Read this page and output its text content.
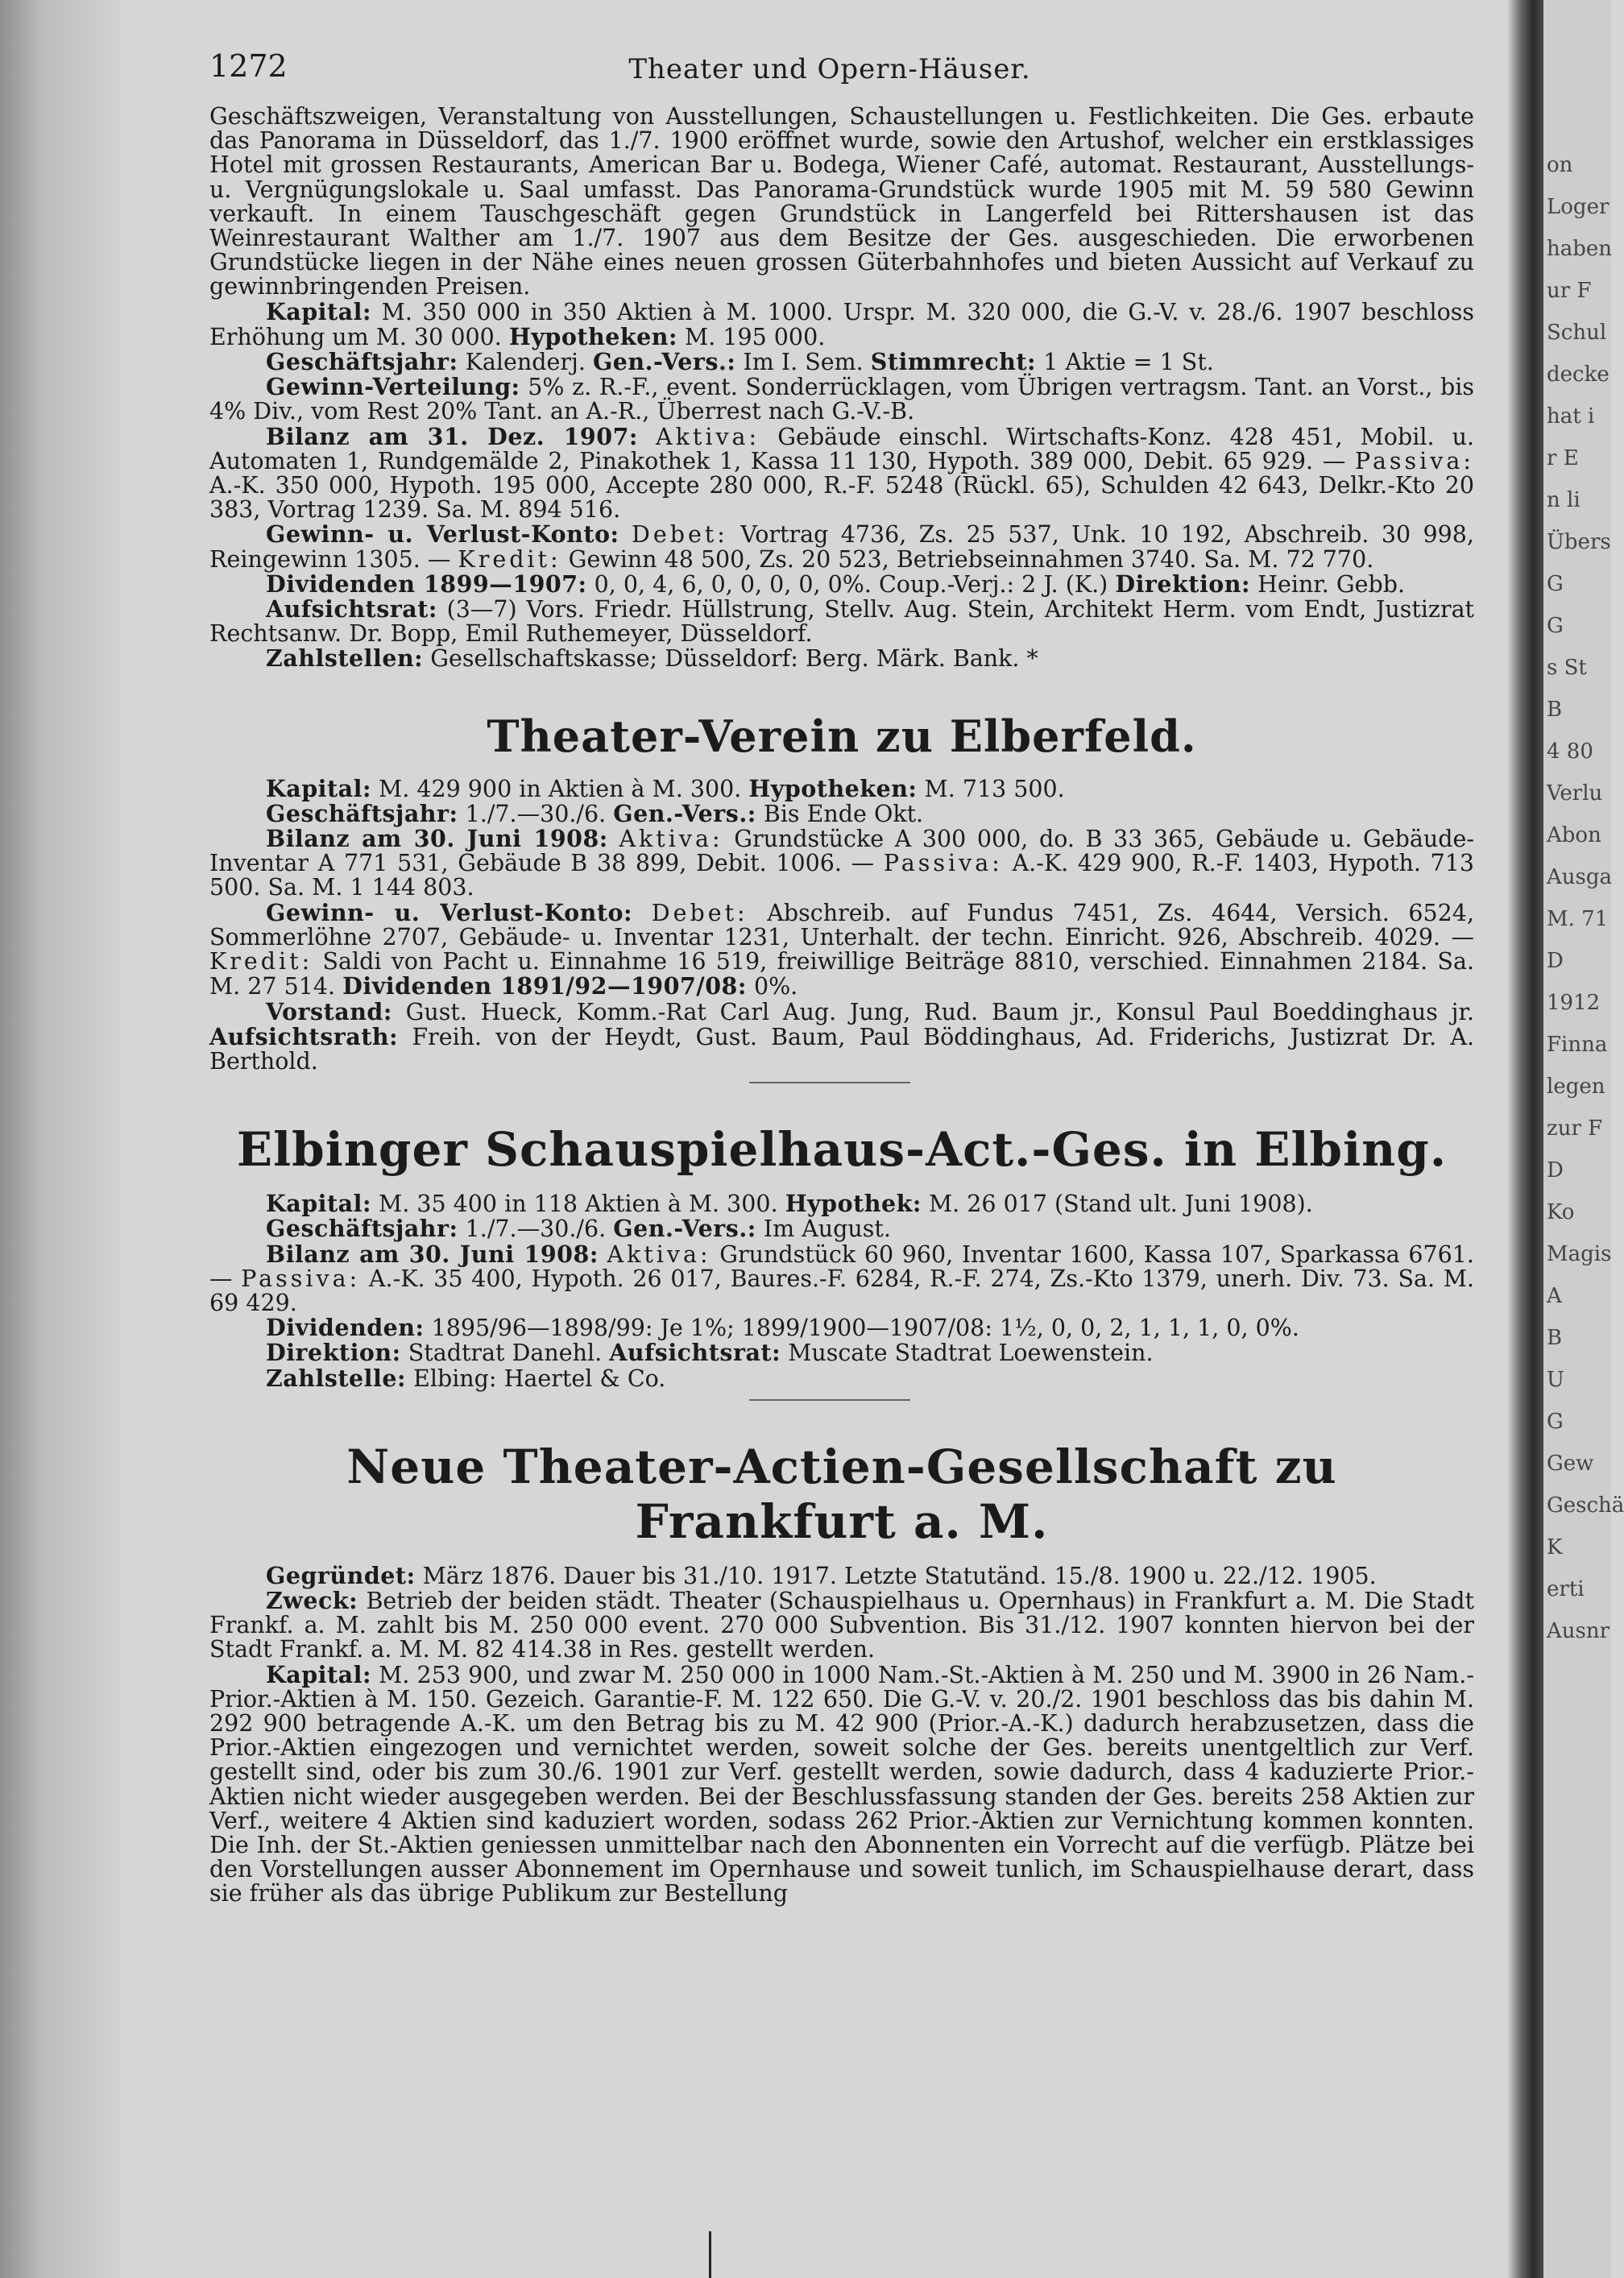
on
Loger
haben
ur F
Schul
decke
hat i
r E
n li
Übers
G
G
s St
B
4 80
Verlu
Abon
Ausga
M. 71
D
1912
Finna
legen
zur F
D
Ko
Magis
A
B
U
G
Gew
Geschä
K
erti
Ausnr
1272	Theater und Opern-Häuser.

Geschäftszweigen, Veranstaltung von Ausstellungen, Schaustellungen u. Festlichkeiten. Die Ges. erbaute das Panorama in Düsseldorf, das 1./7. 1900 eröffnet wurde, sowie den Artushof, welcher ein erstklassiges Hotel mit grossen Restaurants, American Bar u. Bodega, Wiener Café, automat. Restaurant, Ausstellungs- u. Vergnügungslokale u. Saal umfasst. Das Panorama-Grundstück wurde 1905 mit M. 59 580 Gewinn verkauft. In einem Tauschgeschäft gegen Grundstück in Langerfeld bei Rittershausen ist das Weinrestaurant Walther am 1./7. 1907 aus dem Besitze der Ges. ausgeschieden. Die erworbenen Grundstücke liegen in der Nähe eines neuen grossen Güterbahnhofes und bieten Aussicht auf Verkauf zu gewinnbringenden Preisen.

Kapital: M. 350 000 in 350 Aktien à M. 1000. Urspr. M. 320 000, die G.-V. v. 28./6. 1907 beschloss Erhöhung um M. 30 000. Hypotheken: M. 195 000.

Geschäftsjahr: Kalenderj. Gen.-Vers.: Im I. Sem. Stimmrecht: 1 Aktie = 1 St.

Gewinn-Verteilung: 5% z. R.-F., event. Sonderrücklagen, vom Übrigen vertragsm. Tant. an Vorst., bis 4% Div., vom Rest 20% Tant. an A.-R., Überrest nach G.-V.-B.

Bilanz am 31. Dez. 1907: Aktiva: Gebäude einschl. Wirtschafts-Konz. 428 451, Mobil. u. Automaten 1, Rundgemälde 2, Pinakothek 1, Kassa 11 130, Hypoth. 389 000, Debit. 65 929. — Passiva: A.-K. 350 000, Hypoth. 195 000, Accepte 280 000, R.-F. 5248 (Rückl. 65), Schulden 42 643, Delkr.-Kto 20 383, Vortrag 1239. Sa. M. 894 516.

Gewinn- u. Verlust-Konto: Debet: Vortrag 4736, Zs. 25 537, Unk. 10 192, Abschreib. 30 998, Reingewinn 1305. — Kredit: Gewinn 48 500, Zs. 20 523, Betriebseinnahmen 3740. Sa. M. 72 770.

Dividenden 1899—1907: 0, 0, 4, 6, 0, 0, 0, 0, 0%. Coup.-Verj.: 2 J. (K.) Direktion: Heinr. Gebb.

Aufsichtsrat: (3—7) Vors. Friedr. Hüllstrung, Stellv. Aug. Stein, Architekt Herm. vom Endt, Justizrat Rechtsanw. Dr. Bopp, Emil Ruthemeyer, Düsseldorf.

Zahlstellen: Gesellschaftskasse; Düsseldorf: Berg. Märk. Bank. *

Theater-Verein zu Elberfeld.

Kapital: M. 429 900 in Aktien à M. 300. Hypotheken: M. 713 500.

Geschäftsjahr: 1./7.—30./6. Gen.-Vers.: Bis Ende Okt.

Bilanz am 30. Juni 1908: Aktiva: Grundstücke A 300 000, do. B 33 365, Gebäude u. Gebäude-Inventar A 771 531, Gebäude B 38 899, Debit. 1006. — Passiva: A.-K. 429 900, R.-F. 1403, Hypoth. 713 500. Sa. M. 1 144 803.

Gewinn- u. Verlust-Konto: Debet: Abschreib. auf Fundus 7451, Zs. 4644, Versich. 6524, Sommerlöhne 2707, Gebäude- u. Inventar 1231, Unterhalt. der techn. Einricht. 926, Abschreib. 4029. — Kredit: Saldi von Pacht u. Einnahme 16 519, freiwillige Beiträge 8810, verschied. Einnahmen 2184. Sa. M. 27 514. Dividenden 1891/92—1907/08: 0%.

Vorstand: Gust. Hueck, Komm.-Rat Carl Aug. Jung, Rud. Baum jr., Konsul Paul Boeddinghaus jr. Aufsichtsrath: Freih. von der Heydt, Gust. Baum, Paul Böddinghaus, Ad. Friderichs, Justizrat Dr. A. Berthold.

Elbinger Schauspielhaus-Act.-Ges. in Elbing.

Kapital: M. 35 400 in 118 Aktien à M. 300. Hypothek: M. 26 017 (Stand ult. Juni 1908).

Geschäftsjahr: 1./7.—30./6. Gen.-Vers.: Im August.

Bilanz am 30. Juni 1908: Aktiva: Grundstück 60 960, Inventar 1600, Kassa 107, Sparkassa 6761. — Passiva: A.-K. 35 400, Hypoth. 26 017, Baures.-F. 6284, R.-F. 274, Zs.-Kto 1379, unerh. Div. 73. Sa. M. 69 429.

Dividenden: 1895/96—1898/99: Je 1%; 1899/1900—1907/08: 1½, 0, 0, 2, 1, 1, 1, 0, 0%.

Direktion: Stadtrat Danehl. Aufsichtsrat: Muscate Stadtrat Loewenstein.

Zahlstelle: Elbing: Haertel & Co.

Neue Theater-Actien-Gesellschaft zu Frankfurt a. M.

Gegründet: März 1876. Dauer bis 31./10. 1917. Letzte Statutänd. 15./8. 1900 u. 22./12. 1905.

Zweck: Betrieb der beiden städt. Theater (Schauspielhaus u. Opernhaus) in Frankfurt a. M. Die Stadt Frankf. a. M. zahlt bis M. 250 000 event. 270 000 Subvention. Bis 31./12. 1907 konnten hiervon bei der Stadt Frankf. a. M. M. 82 414.38 in Res. gestellt werden.

Kapital: M. 253 900, und zwar M. 250 000 in 1000 Nam.-St.-Aktien à M. 250 und M. 3900 in 26 Nam.-Prior.-Aktien à M. 150. Gezeich. Garantie-F. M. 122 650. Die G.-V. v. 20./2. 1901 beschloss das bis dahin M. 292 900 betragende A.-K. um den Betrag bis zu M. 42 900 (Prior.-A.-K.) dadurch herabzusetzen, dass die Prior.-Aktien eingezogen und vernichtet werden, soweit solche der Ges. bereits unentgeltlich zur Verf. gestellt sind, oder bis zum 30./6. 1901 zur Verf. gestellt werden, sowie dadurch, dass 4 kaduzierte Prior.-Aktien nicht wieder ausgegeben werden. Bei der Beschlussfassung standen der Ges. bereits 258 Aktien zur Verf., weitere 4 Aktien sind kaduziert worden, sodass 262 Prior.-Aktien zur Vernichtung kommen konnten. Die Inh. der St.-Aktien geniessen unmittelbar nach den Abonnenten ein Vorrecht auf die verfügb. Plätze bei den Vorstellungen ausser Abonnement im Opernhause und soweit tunlich, im Schauspielhause derart, dass sie früher als das übrige Publikum zur Bestellung
